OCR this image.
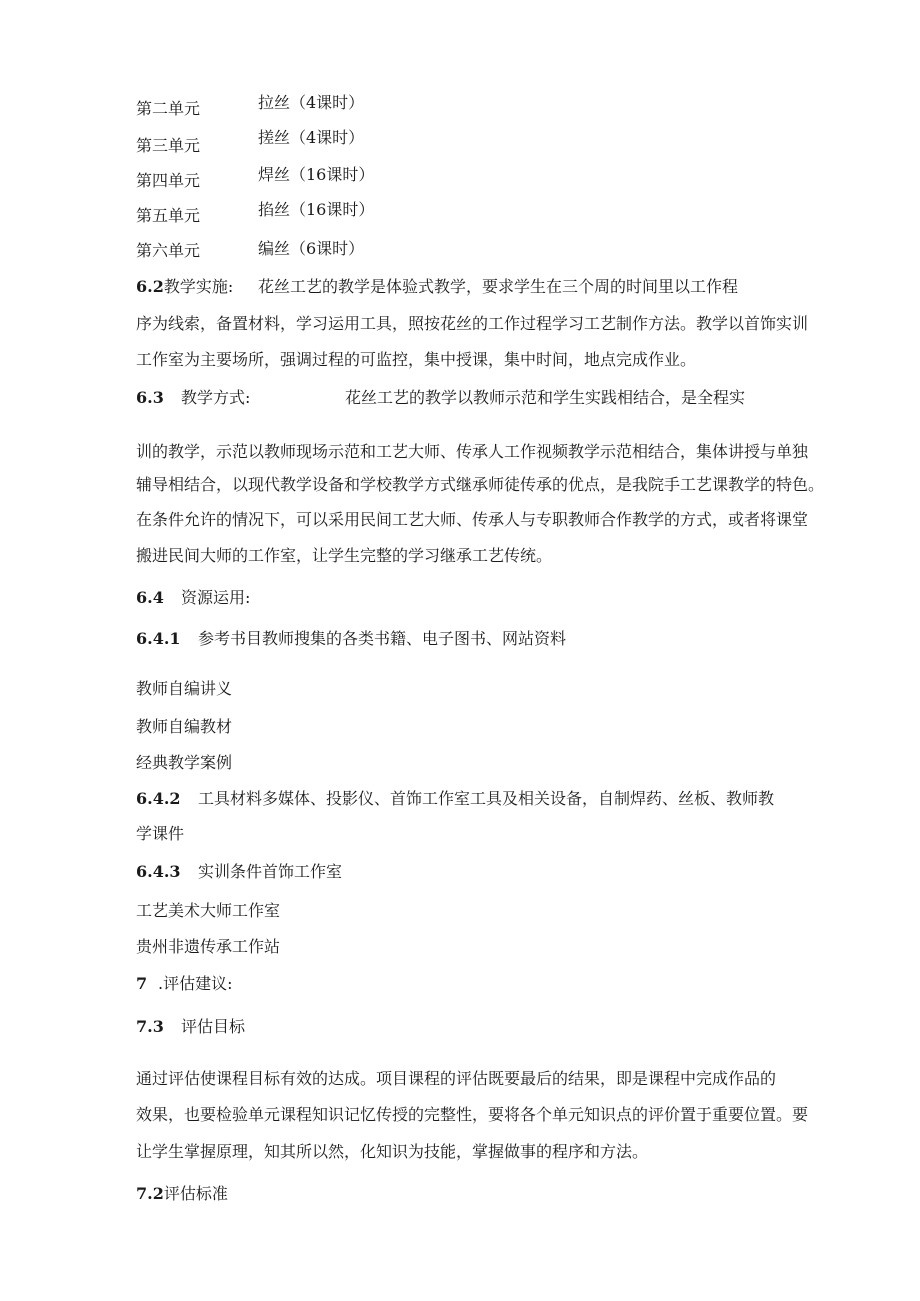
第二单元	拉丝（4课时）
第三单元	搓丝（4课时）
第四单元	焊丝（16课时）
第五单元	掐丝（16课时）
第六单元	编丝（6课时）
6.2教学实施: 花丝工艺的教学是体验式教学，要求学生在三个周的时间里以工作程
序为线索，备置材料，学习运用工具，照按花丝的工作过程学习工艺制作方法。教学以首饰实训
工作室为主要场所，强调过程的可监控，集中授课，集中时间，地点完成作业。
6.3 教学方式:	花丝工艺的教学以教师示范和学生实践相结合，是全程实
训的教学，示范以教师现场示范和工艺大师、传承人工作视频教学示范相结合，集体讲授与单独
辅导相结合，以现代教学设备和学校教学方式继承师徒传承的优点，是我院手工艺课教学的特色。
在条件允许的情况下，可以采用民间工艺大师、传承人与专职教师合作教学的方式，或者将课堂
搬进民间大师的工作室，让学生完整的学习继承工艺传统。
6.4 资源运用:
6.4.1 参考书目教师搜集的各类书籍、电子图书、网站资料
教师自编讲义
教师自编教材
经典教学案例
6.4.2 工具材料多媒体、投影仪、首饰工作室工具及相关设备，自制焊药、丝板、教师教
学课件
6.4.3 实训条件首饰工作室
工艺美术大师工作室
贵州非遗传承工作站
7 .评估建议:
7.3 评估目标
通过评估使课程目标有效的达成。项目课程的评估既要最后的结果，即是课程中完成作品的
效果，也要检验单元课程知识记忆传授的完整性，要将各个单元知识点的评价置于重要位置。要
让学生掌握原理，知其所以然，化知识为技能，掌握做事的程序和方法。
7.2评估标准
